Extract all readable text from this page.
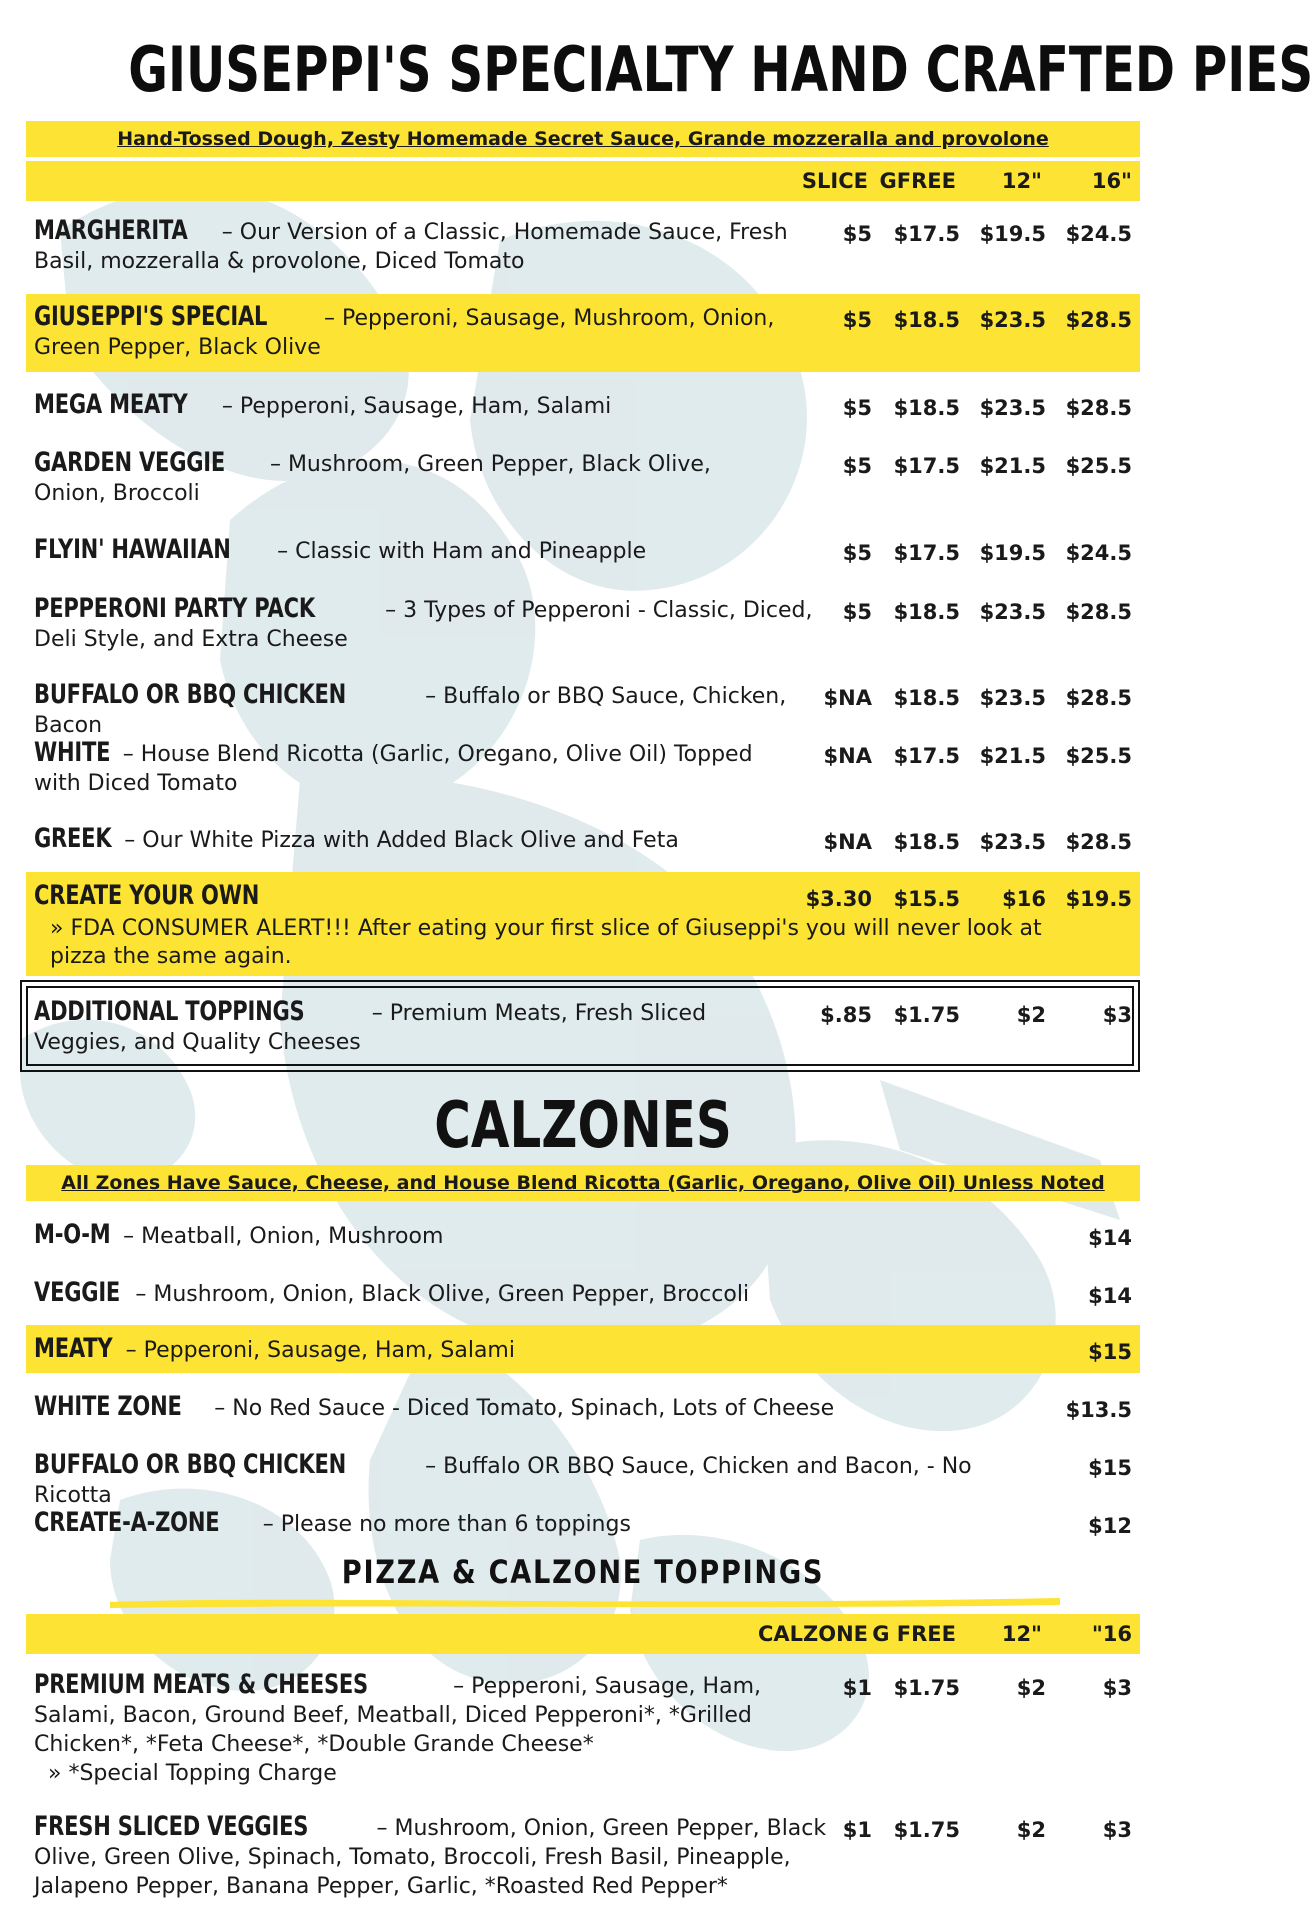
GIUSEPPI'S SPECIALTY HAND CRAFTED PIES
Hand-Tossed Dough, Zesty Homemade Secret Sauce, Grande mozzeralla and provolone
SLICE GFREE	12"	16"
MARGHERITA – Our Version of a Classic, Homemade Sauce, Fresh Basil, mozzeralla & provolone, Diced Tomato
$5	$17.5 $19.5 $24.5
GIUSEPPI'S SPECIAL – Pepperoni, Sausage, Mushroom, Onion, Green Pepper, Black Olive
$5	$18.5 $23.5 $28.5
MEGA MEATY – Pepperoni, Sausage, Ham, Salami	$5	$18.5 $23.5 $28.5
GARDEN VEGGIE – Mushroom, Green Pepper, Black Olive, Onion, Broccoli
$5	$17.5 $21.5 $25.5
FLYIN' HAWAIIAN – Classic with Ham and Pineapple	$5	$17.5 $19.5 $24.5
PEPPERONI PARTY PACK	– 3 Types of Pepperoni - Classic, Diced, Deli Style, and Extra Cheese
$5	$18.5 $23.5 $28.5
BUFFALO OR BBQ CHICKEN	– Buffalo or BBQ Sauce, Chicken, Bacon
$NA	$18.5 $23.5 $28.5
WHITE – House Blend Ricotta (Garlic, Oregano, Olive Oil) Topped with Diced Tomato
$NA	$17.5 $21.5 $25.5
GREEK – Our White Pizza with Added Black Olive and Feta	$NA	$18.5 $23.5 $28.5
CREATE YOUR OWN	$3.30	$15.5	$16 $19.5
» FDA CONSUMER ALERT!!! After eating your first slice of Giuseppi's you will never look at pizza the same again.
ADDITIONAL TOPPINGS	– Premium Meats, Fresh Sliced Veggies, and Quality Cheeses
$.85	$1.75	$2	$3
CALZONES
All Zones Have Sauce, Cheese, and House Blend Ricotta (Garlic, Oregano, Olive Oil) Unless Noted
M-O-M – Meatball, Onion, Mushroom	$14
VEGGIE – Mushroom, Onion, Black Olive, Green Pepper, Broccoli	$14
MEATY – Pepperoni, Sausage, Ham, Salami	$15
WHITE ZONE – No Red Sauce - Diced Tomato, Spinach, Lots of Cheese	$13.5
BUFFALO OR BBQ CHICKEN	– Buffalo OR BBQ Sauce, Chicken and Bacon, - No Ricotta
$15
CREATE-A-ZONE – Please no more than 6 toppings	$12
PIZZA & CALZONE TOPPINGS
CALZONE G FREE	12"	"16
PREMIUM MEATS & CHEESES	– Pepperoni, Sausage, Ham, Salami, Bacon, Ground Beef, Meatball, Diced Pepperoni*, *Grilled Chicken*, *Feta Cheese*, *Double Grande Cheese*
» *Special Topping Charge
$1	$1.75	$2	$3
FRESH SLICED VEGGIES	– Mushroom, Onion, Green Pepper, Black Olive, Green Olive, Spinach, Tomato, Broccoli, Fresh Basil, Pineapple, Jalapeno Pepper, Banana Pepper, Garlic, *Roasted Red Pepper*
$1	$1.75	$2	$3
